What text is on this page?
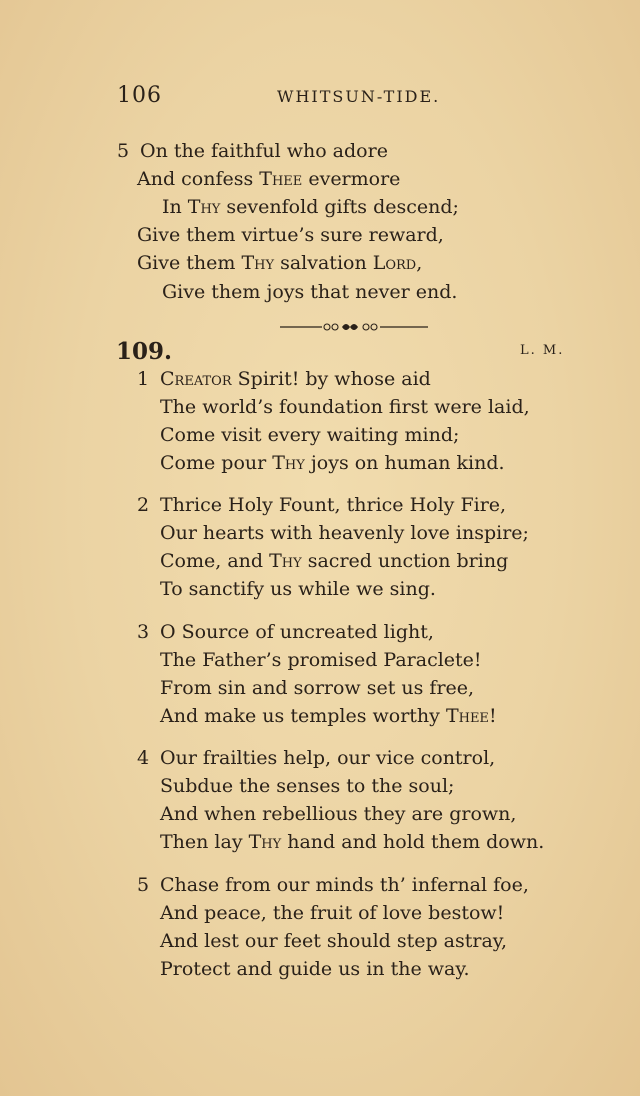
106	WHITSUN-TIDE.
5 On the faithful who adore
And confess Thee evermore
In Thy sevenfold gifts descend;
Give them virtue’s sure reward,
Give them Thy salvation Lord,
Give them joys that never end.
109.	L. M.
1 Creator Spirit! by whose aid
The world’s foundation first were laid,
Come visit every waiting mind;
Come pour Thy joys on human kind.
2 Thrice Holy Fount, thrice Holy Fire,
Our hearts with heavenly love inspire;
Come, and Thy sacred unction bring
To sanctify us while we sing.
3 O Source of uncreated light,
The Father’s promised Paraclete!
From sin and sorrow set us free,
And make us temples worthy Thee!
4 Our frailties help, our vice control,
Subdue the senses to the soul;
And when rebellious they are grown,
Then lay Thy hand and hold them down.
5 Chase from our minds th’ infernal foe,
And peace, the fruit of love bestow!
And lest our feet should step astray,
Protect and guide us in the way.
